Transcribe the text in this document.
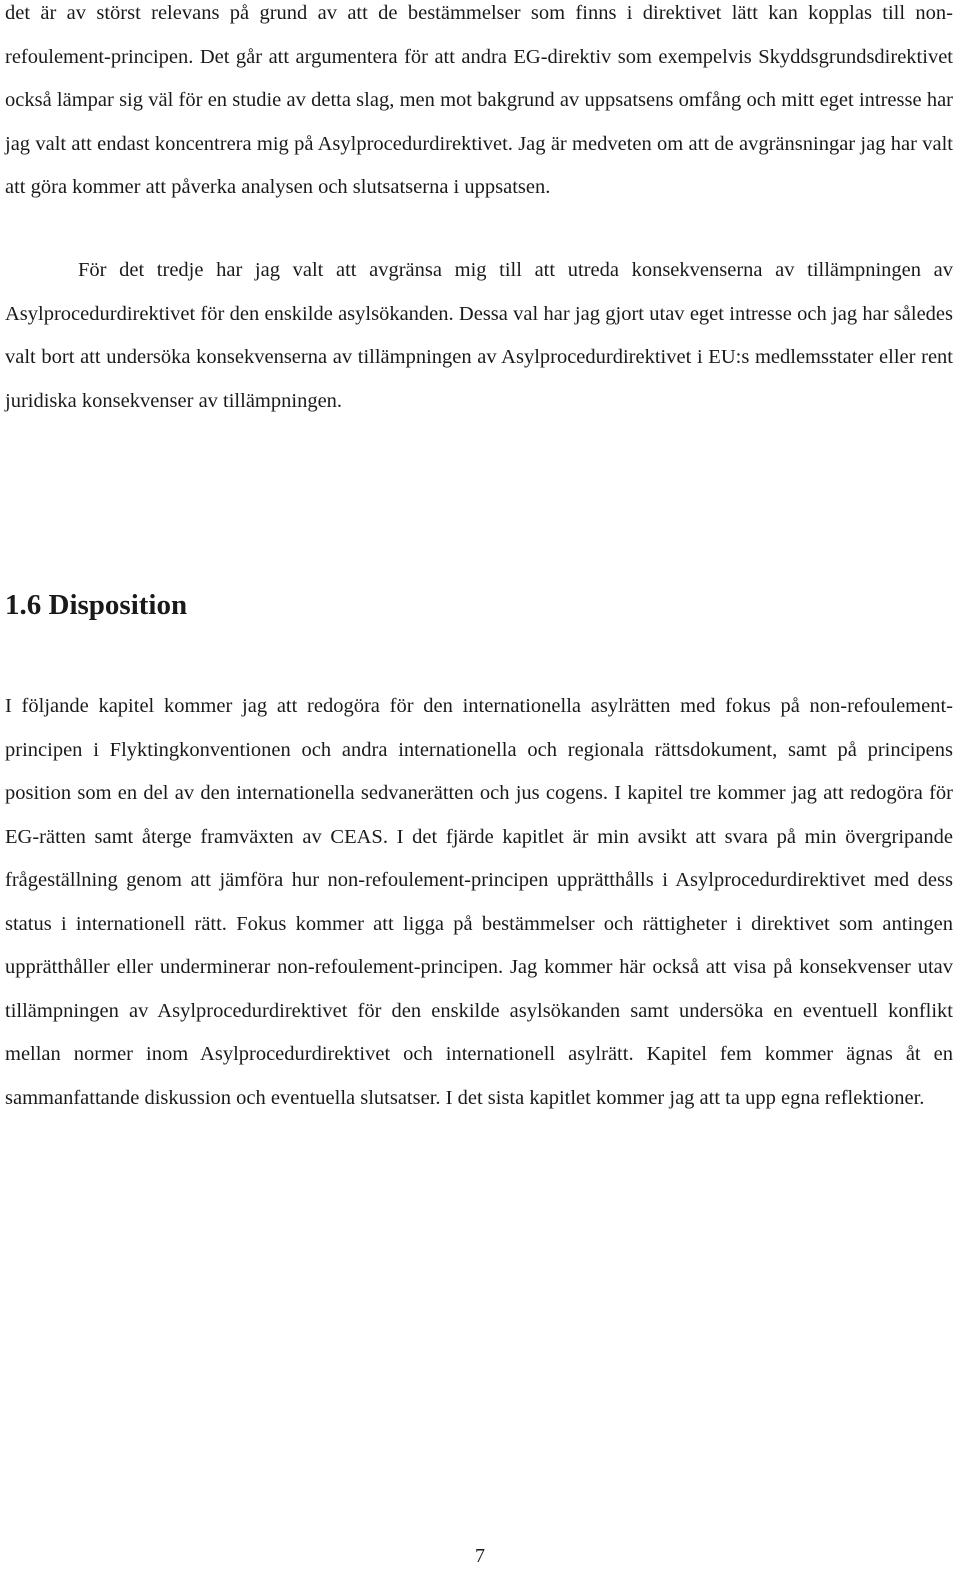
det är av störst relevans på grund av att de bestämmelser som finns i direktivet lätt kan kopplas till non-refoulement-principen. Det går att argumentera för att andra EG-direktiv som exempelvis Skyddsgrundsdirektivet också lämpar sig väl för en studie av detta slag, men mot bakgrund av uppsatsens omfång och mitt eget intresse har jag valt att endast koncentrera mig på Asylprocedurdirektivet. Jag är medveten om att de avgränsningar jag har valt att göra kommer att påverka analysen och slutsatserna i uppsatsen.

För det tredje har jag valt att avgränsa mig till att utreda konsekvenserna av tillämpningen av Asylprocedurdirektivet för den enskilde asylsökanden. Dessa val har jag gjort utav eget intresse och jag har således valt bort att undersöka konsekvenserna av tillämpningen av Asylprocedurdirektivet i EU:s medlemsstater eller rent juridiska konsekvenser av tillämpningen.

1.6 Disposition

I följande kapitel kommer jag att redogöra för den internationella asylrätten med fokus på non-refoulement-principen i Flyktingkonventionen och andra internationella och regionala rättsdokument, samt på principens position som en del av den internationella sedvanerätten och jus cogens. I kapitel tre kommer jag att redogöra för EG-rätten samt återge framväxten av CEAS. I det fjärde kapitlet är min avsikt att svara på min övergripande frågeställning genom att jämföra hur non-refoulement-principen upprätthålls i Asylprocedurdirektivet med dess status i internationell rätt. Fokus kommer att ligga på bestämmelser och rättigheter i direktivet som antingen upprätthåller eller underminerar non-refoulement-principen. Jag kommer här också att visa på konsekvenser utav tillämpningen av Asylprocedurdirektivet för den enskilde asylsökanden samt undersöka en eventuell konflikt mellan normer inom Asylprocedurdirektivet och internationell asylrätt. Kapitel fem kommer ägnas åt en sammanfattande diskussion och eventuella slutsatser. I det sista kapitlet kommer jag att ta upp egna reflektioner.

7
